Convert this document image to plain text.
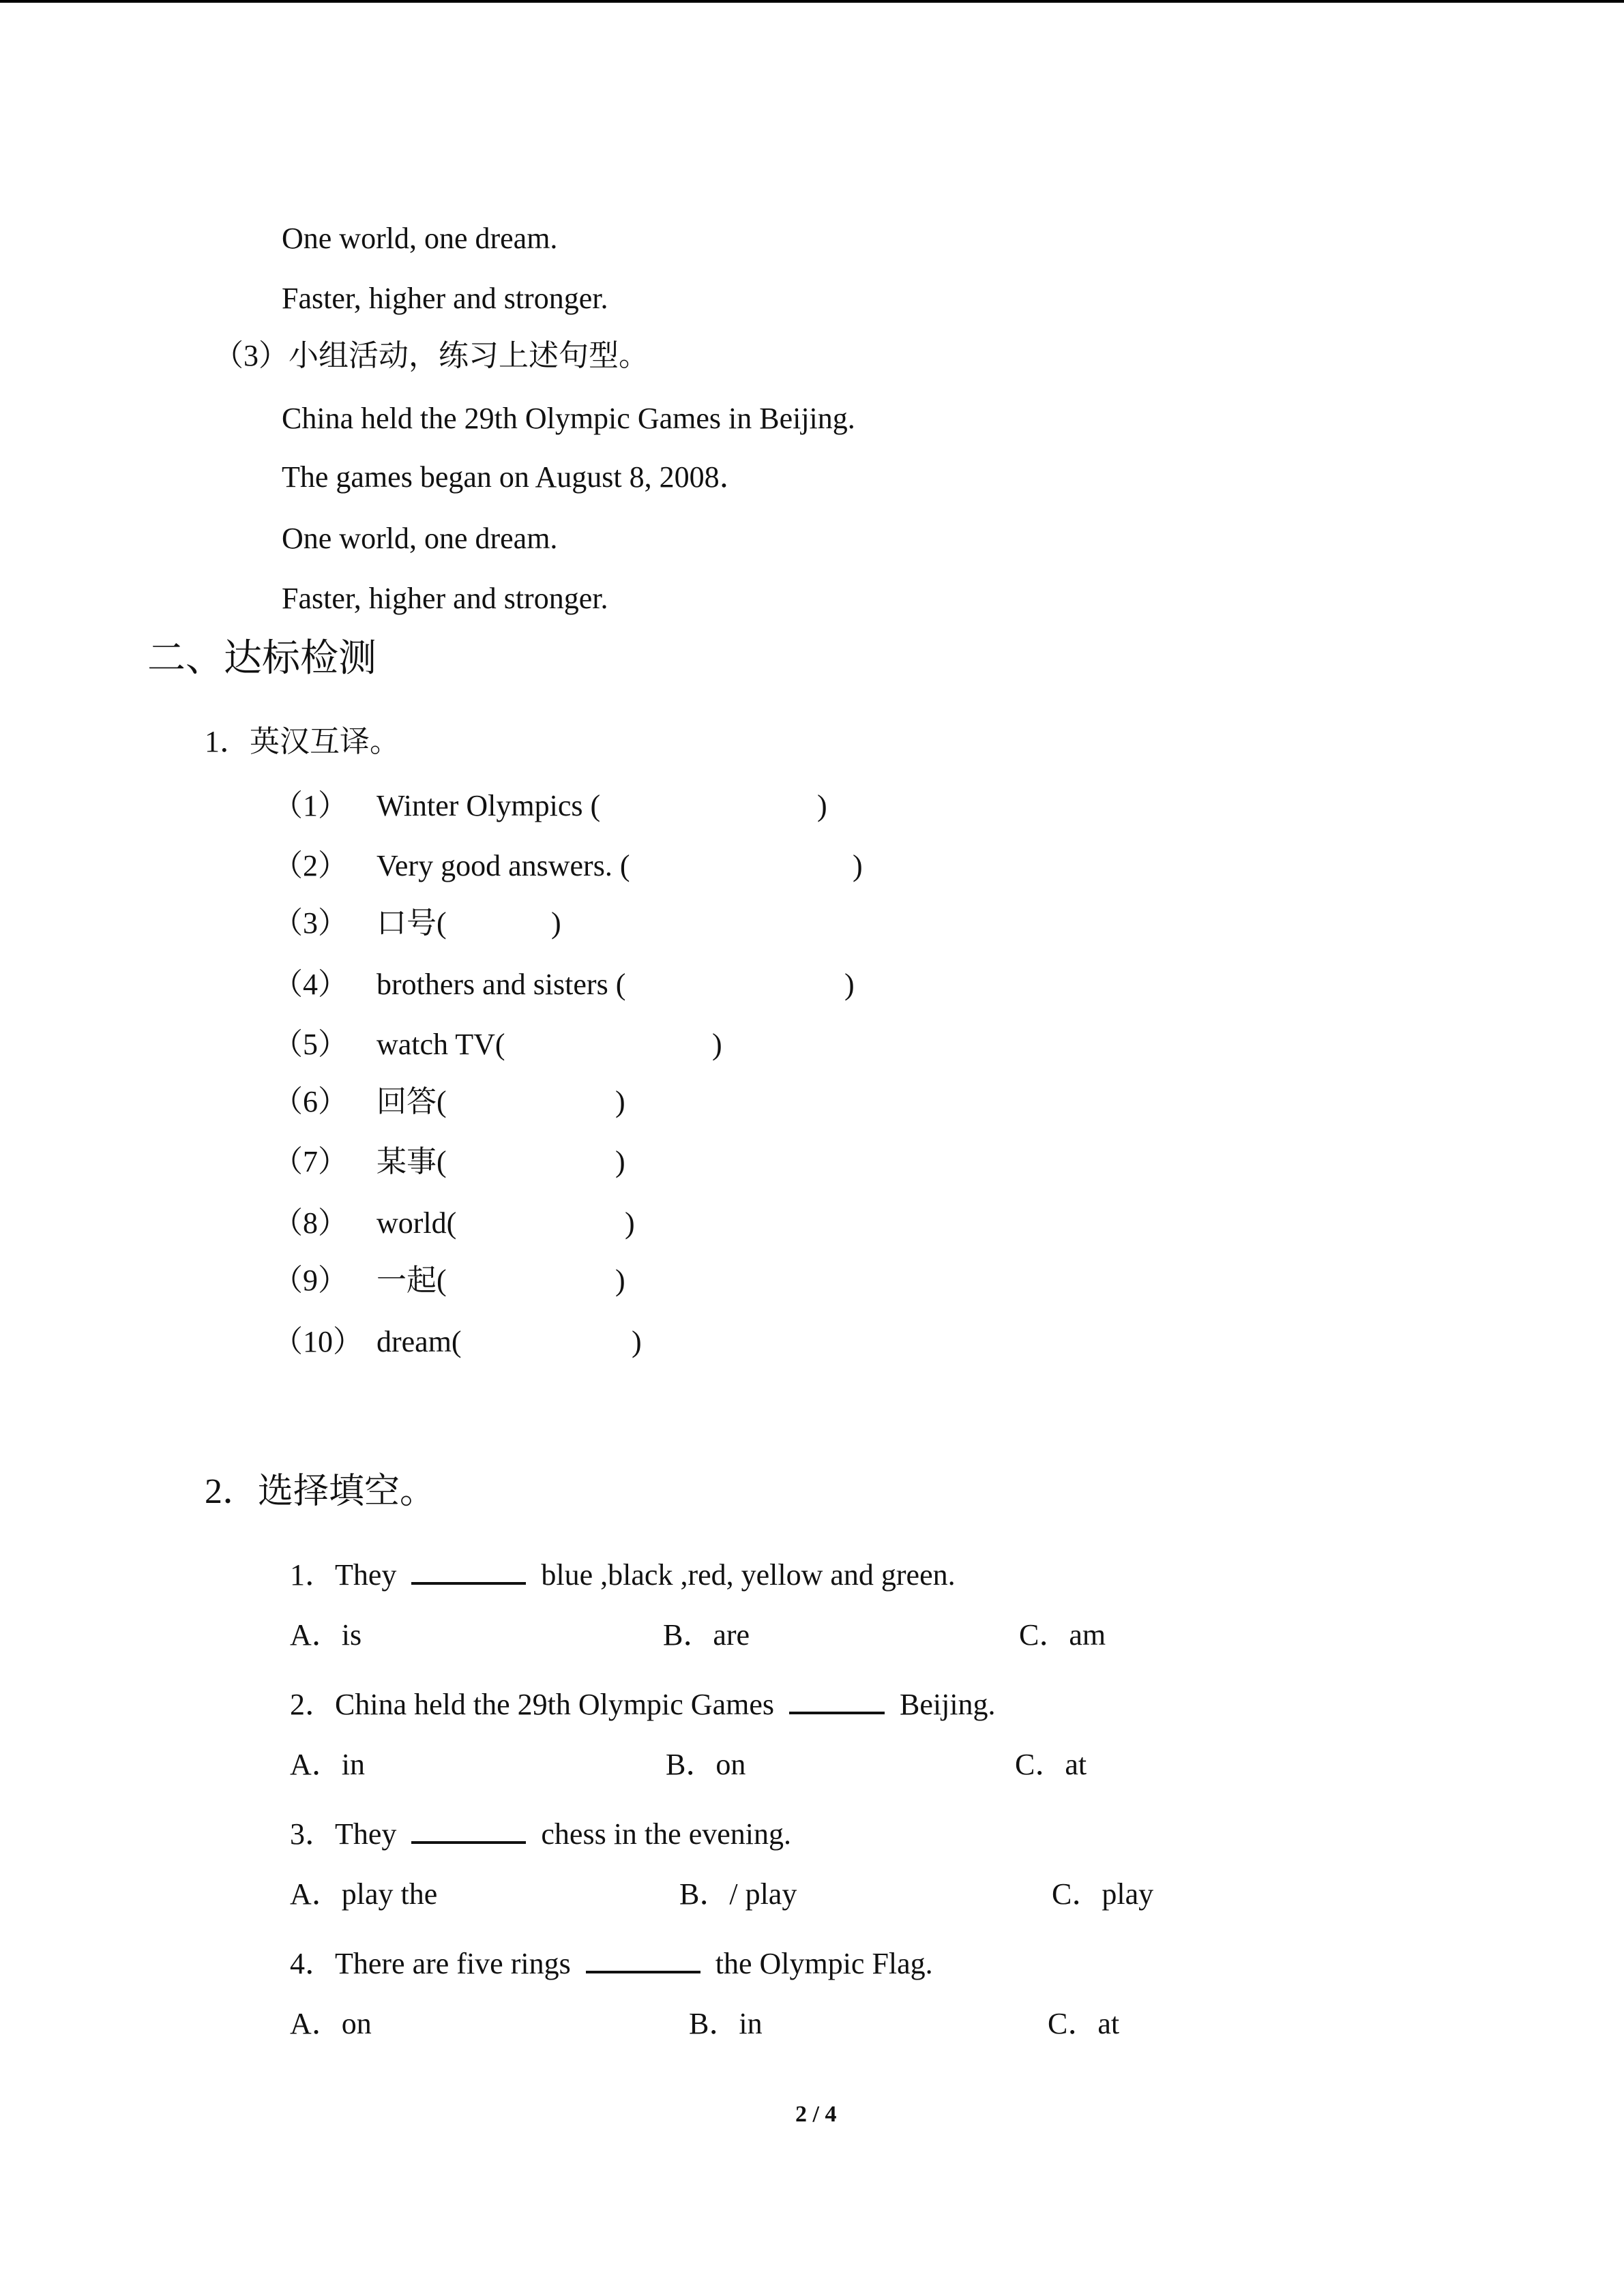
One world, one dream.
Faster, higher and stronger.
（3）小组活动，练习上述句型。
China held the 29th Olympic Games in Beijing.
The games began on August 8, 2008．
One world, one dream.
Faster, higher and stronger.
二、达标检测
1．英汉互译。
（1） Winter Olympics (	)
（2） Very good answers. (	)
（3） 口号(	)
（4） brothers and sisters (	)
（5） watch TV(	)
（6） 回答(	)
（7） 某事(	)
（8） world(	)
（9） 一起(	)
（10） dream(	)
2．选择填空。
1．They	blue ,black ,red, yellow and green.
A．is	B．are	C．am
2．China held the 29th Olympic Games	Beijing.
A．in	B．on	C．at
3．They	chess in the evening.
A．play the	B．/ play	C．play
4．There are five rings	the Olympic Flag.
A．on	B．in	C．at
2 / 4
